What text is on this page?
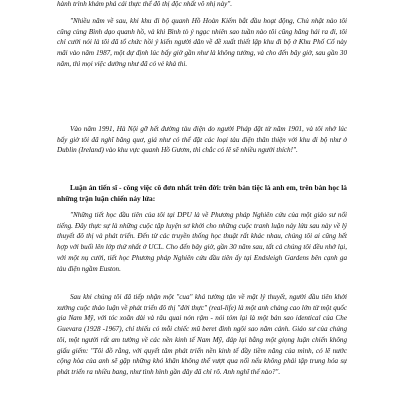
hành trình khám phá cái thực thể đô thị độc nhất vô nhị này".

"Nhiều năm về sau, khi khu đi bộ quanh Hồ Hoàn Kiếm bắt đầu hoạt động, Chủ nhật nào tôi cũng cùng Bình dạo quanh hồ, và khi Bình tò ý ngạc nhiên sao tuần nào tôi cũng hăng hái ra đi, tôi chỉ cười nói là tôi đã tổ chức hồi ý kiến người dân về đề xuất thiết lập khu đi bộ ở Khu Phố Cổ này mãi vào năm 1987, một dự định lúc bấy giờ gần như là không tưởng, và cho đến bây giờ, sau gần 30 năm, thì mọi việc dường như đã có vẻ khả thi.

Vào năm 1991, Hà Nội gỡ hết đường tàu điện do người Pháp đặt từ năm 1901, và tôi nhớ lúc bấy giờ tôi đã nghĩ băng quơ, giá như có thể đặt các loại tàu điện thân thiện với khu đi bộ như ở Dublin (Ireland) vào khu vực quanh Hồ Gươm, thì chắc có lẽ sẽ nhiều người thích!".

Luận án tiến sĩ - công việc cô đơn nhất trên đời: trên bàn tiệc là anh em, trên bàn học là những trận luận chiến nảy lửa:

"Những tiết học đầu tiên của tôi tại DPU là về Phương pháp Nghiên cứu của một giáo sư nổi tiếng. Đây thực sự là những cuộc tập luyện sơ khởi cho những cuộc tranh luận nảy lửa sau này về lý thuyết đô thị và phát triển. Đến từ các truyền thống học thuật rất khác nhau, chúng tôi ai cũng hết hợp với buổi lên lớp thứ nhất ở UCL. Cho đến bây giờ, gần 30 năm sau, tất cả chúng tôi đều nhớ lại, với một nụ cười, tiết học Phương pháp Nghiên cứu đầu tiên ấy tại Endsleigh Gardens bên cạnh ga tàu điện ngầm Euston.

Sau khi chúng tôi đã tiếp nhận một "cua" khá tường tận về mặt lý thuyết, người đầu tiên khởi xướng cuộc thảo luận về phát triển đô thị "đời thực" (real-life) là một anh chàng cao lớn từ một quốc gia Nam Mỹ, với tóc xoăn dài và râu quai nón rậm - nói tóm lại là một bản sao identical của Che Guevara (1928 -1967), chỉ thiếu có mỗi chiếc mũ beret đình ngôi sao năm cánh. Giáo sư của chúng tôi, một người rất am tường về các nền kinh tế Nam Mỹ, đáp lại bằng một giọng luận chiến không giấu giếm: "Tôi đồ rằng, với quyết tâm phát triển nền kinh tế đầy tiềm năng của mình, có lẽ nước cộng hòa của anh sẽ gặp những khó khăn không thể vượt qua nổi nếu không phải tập trung hóa sự phát triển ra nhiều bang, như tình hình gần đây đã chỉ rõ. Anh nghĩ thế nào?".
